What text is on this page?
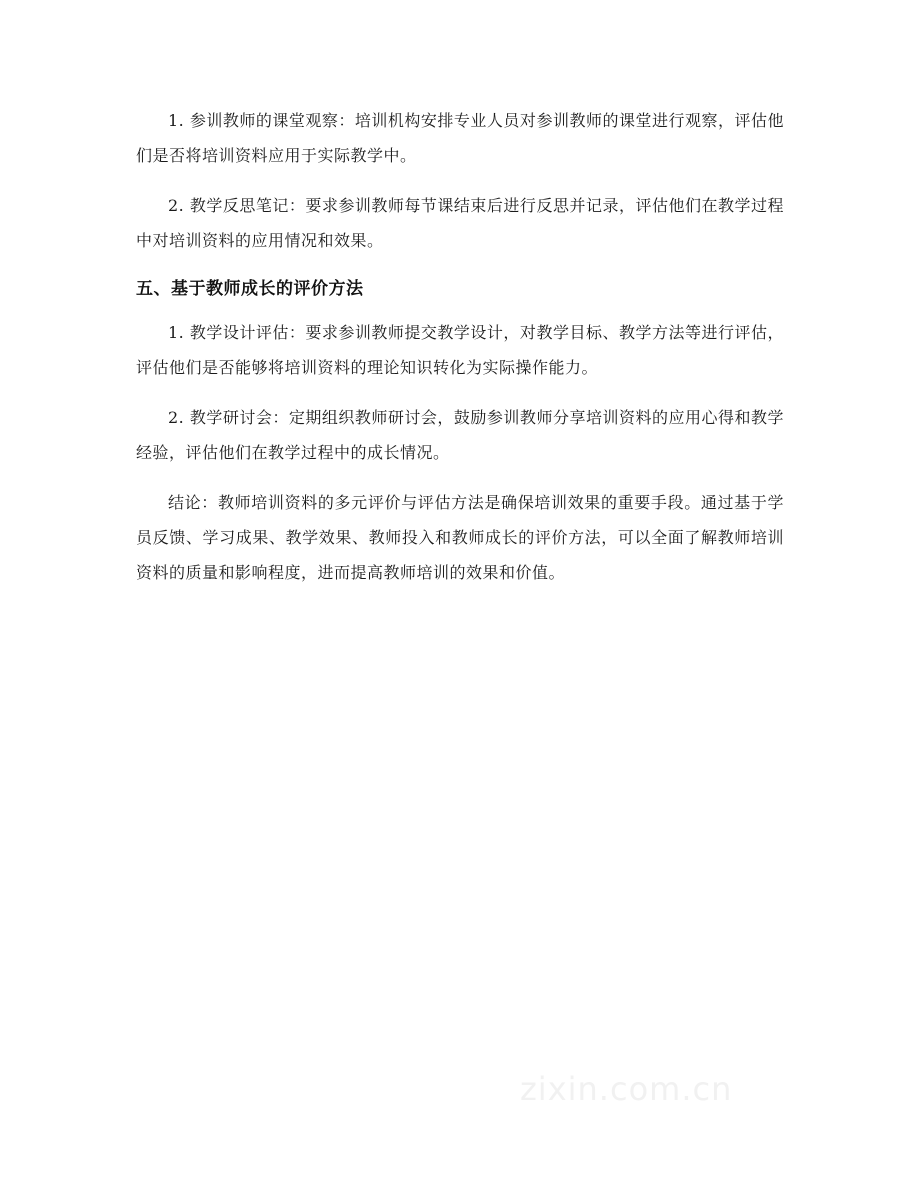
1. 参训教师的课堂观察：培训机构安排专业人员对参训教师的课堂进行观察，评估他们是否将培训资料应用于实际教学中。

2. 教学反思笔记：要求参训教师每节课结束后进行反思并记录，评估他们在教学过程中对培训资料的应用情况和效果。

五、基于教师成长的评价方法

1. 教学设计评估：要求参训教师提交教学设计，对教学目标、教学方法等进行评估，评估他们是否能够将培训资料的理论知识转化为实际操作能力。

2. 教学研讨会：定期组织教师研讨会，鼓励参训教师分享培训资料的应用心得和教学经验，评估他们在教学过程中的成长情况。

结论：教师培训资料的多元评价与评估方法是确保培训效果的重要手段。通过基于学员反馈、学习成果、教学效果、教师投入和教师成长的评价方法，可以全面了解教师培训资料的质量和影响程度，进而提高教师培训的效果和价值。

zixin.com.cn
